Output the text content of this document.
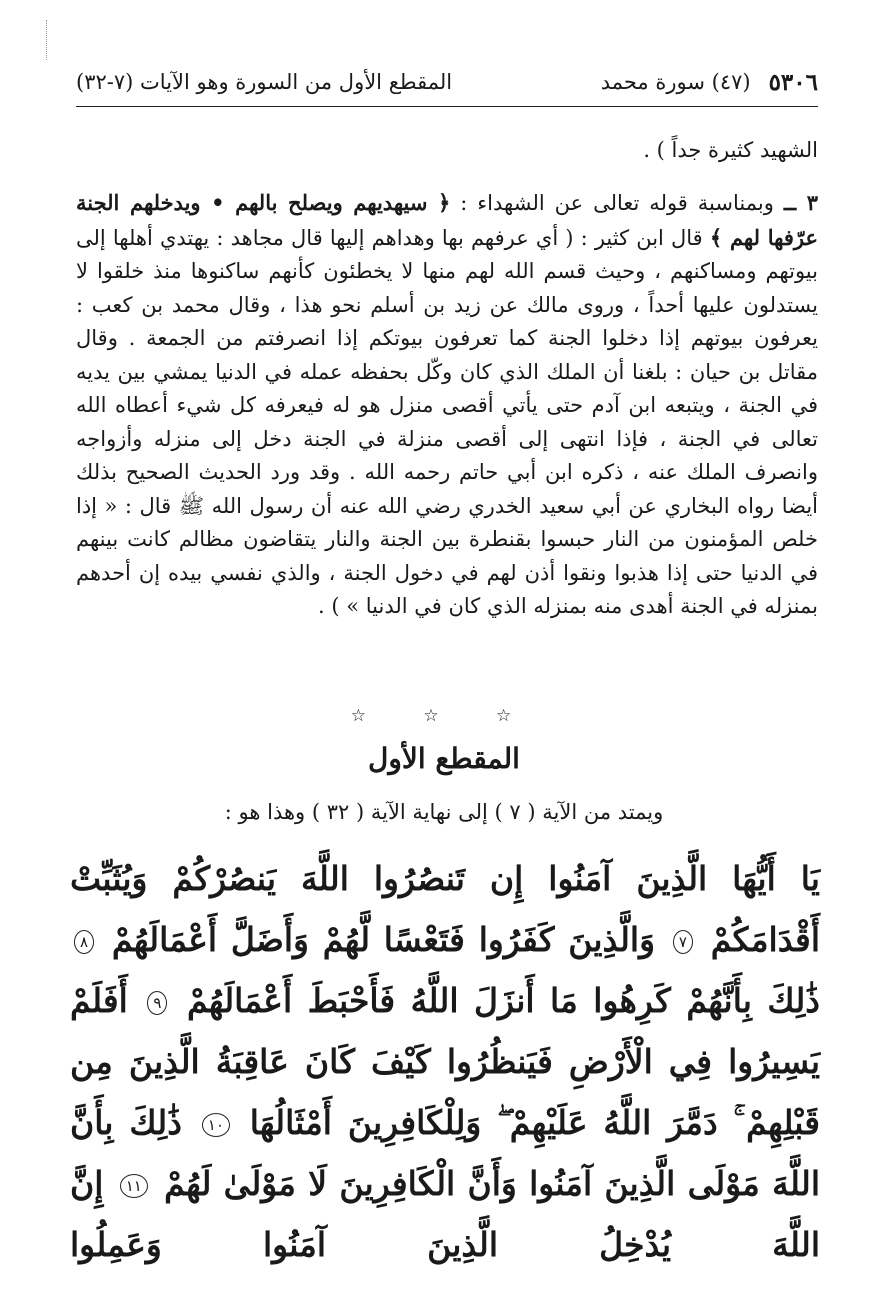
٥٣٠٦
(٤٧) سورة محمد
المقطع الأول من السورة وهو الآيات (٧-٣٢)
الشهيد كثيرة جداً ) .
٣ ــ وبمناسبة قوله تعالى عن الشهداء : ﴿ سيهديهم ويصلح بالهم • ويدخلهم الجنة عرّفها لهم ﴾ قال ابن كثير : ( أي عرفهم بها وهداهم إليها قال مجاهد : يهتدي أهلها إلى بيوتهم ومساكنهم ، وحيث قسم الله لهم منها لا يخطئون كأنهم ساكنوها منذ خلقوا لا يستدلون عليها أحداً ، وروى مالك عن زيد بن أسلم نحو هذا ، وقال محمد بن كعب : يعرفون بيوتهم إذا دخلوا الجنة كما تعرفون بيوتكم إذا انصرفتم من الجمعة . وقال مقاتل بن حيان : بلغنا أن الملك الذي كان وكّل بحفظه عمله في الدنيا يمشي بين يديه في الجنة ، ويتبعه ابن آدم حتى يأتي أقصى منزل هو له فيعرفه كل شيء أعطاه الله تعالى في الجنة ، فإذا انتهى إلى أقصى منزلة في الجنة دخل إلى منزله وأزواجه وانصرف الملك عنه ، ذكره ابن أبي حاتم رحمه الله . وقد ورد الحديث الصحيح بذلك أيضا رواه البخاري عن أبي سعيد الخدري رضي الله عنه أن رسول الله ﷺ قال : « إذا خلص المؤمنون من النار حبسوا بقنطرة بين الجنة والنار يتقاضون مظالم كانت بينهم في الدنيا حتى إذا هذبوا ونقوا أذن لهم في دخول الجنة ، والذي نفسي بيده إن أحدهم بمنزله في الجنة أهدى منه بمنزله الذي كان في الدنيا » ) .
☆ ☆ ☆
المقطع الأول
ويمتد من الآية ( ٧ ) إلى نهاية الآية ( ٣٢ ) وهذا هو :
يَا أَيُّهَا الَّذِينَ آمَنُوا إِن تَنصُرُوا اللَّهَ يَنصُرْكُمْ وَيُثَبِّتْ أَقْدَامَكُمْ ٧ وَالَّذِينَ كَفَرُوا فَتَعْسًا لَّهُمْ وَأَضَلَّ أَعْمَالَهُمْ ٨ ذَٰلِكَ بِأَنَّهُمْ كَرِهُوا مَا أَنزَلَ اللَّهُ فَأَحْبَطَ أَعْمَالَهُمْ ٩ أَفَلَمْ يَسِيرُوا فِي الْأَرْضِ فَيَنظُرُوا كَيْفَ كَانَ عَاقِبَةُ الَّذِينَ مِن قَبْلِهِمْ ۚ دَمَّرَ اللَّهُ عَلَيْهِمْ ۖ وَلِلْكَافِرِينَ أَمْثَالُهَا ١٠ ذَٰلِكَ بِأَنَّ اللَّهَ مَوْلَى الَّذِينَ آمَنُوا وَأَنَّ الْكَافِرِينَ لَا مَوْلَىٰ لَهُمْ ١١ إِنَّ اللَّهَ يُدْخِلُ الَّذِينَ آمَنُوا وَعَمِلُوا
